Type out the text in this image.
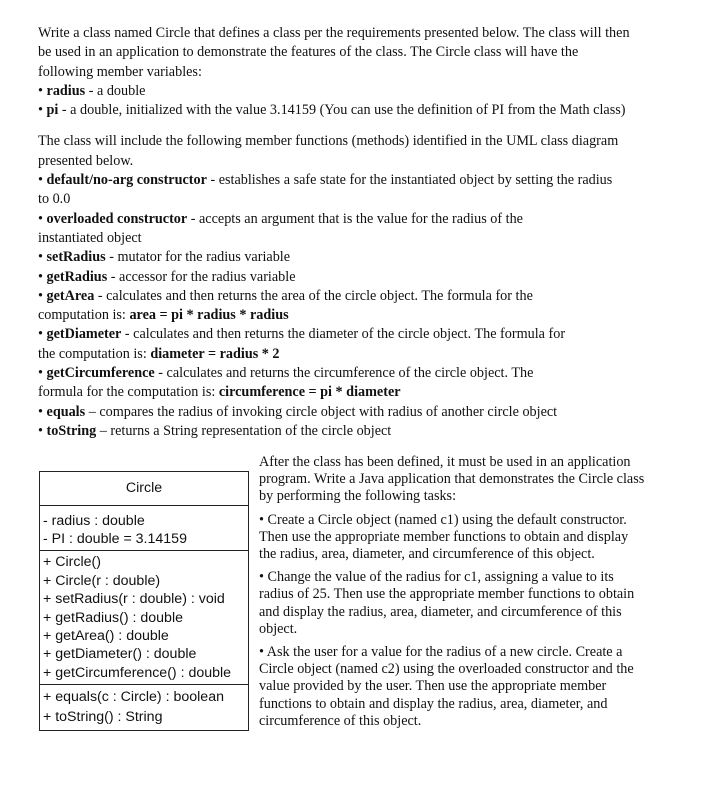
Write a class named Circle that defines a class per the requirements presented below. The class will then
be used in an application to demonstrate the features of the class. The Circle class will have the
following member variables:
• radius - a double
• pi - a double, initialized with the value 3.14159 (You can use the definition of PI from the Math class)

The class will include the following member functions (methods) identified in the UML class diagram
presented below.
• default/no-arg constructor - establishes a safe state for the instantiated object by setting the radius
to 0.0
• overloaded constructor - accepts an argument that is the value for the radius of the
instantiated object
• setRadius - mutator for the radius variable
• getRadius - accessor for the radius variable
• getArea - calculates and then returns the area of the circle object. The formula for the
computation is: area = pi * radius * radius
• getDiameter - calculates and then returns the diameter of the circle object. The formula for
the computation is: diameter = radius * 2
• getCircumference - calculates and returns the circumference of the circle object. The
formula for the computation is: circumference = pi * diameter
• equals – compares the radius of invoking circle object with radius of another circle object
• toString – returns a String representation of the circle object

Circle
- radius : double
- PI : double = 3.14159
+ Circle()
+ Circle(r : double)
+ setRadius(r : double) : void
+ getRadius() : double
+ getArea() : double
+ getDiameter() : double
+ getCircumference() : double
+ equals(c : Circle) : boolean
+ toString() : String

After the class has been defined, it must be used in an application
program. Write a Java application that demonstrates the Circle class
by performing the following tasks:

• Create a Circle object (named c1) using the default constructor.
Then use the appropriate member functions to obtain and display
the radius, area, diameter, and circumference of this object.

• Change the value of the radius for c1, assigning a value to its
radius of 25. Then use the appropriate member functions to obtain
and display the radius, area, diameter, and circumference of this
object.

• Ask the user for a value for the radius of a new circle. Create a
Circle object (named c2) using the overloaded constructor and the
value provided by the user. Then use the appropriate member
functions to obtain and display the radius, area, diameter, and
circumference of this object.
